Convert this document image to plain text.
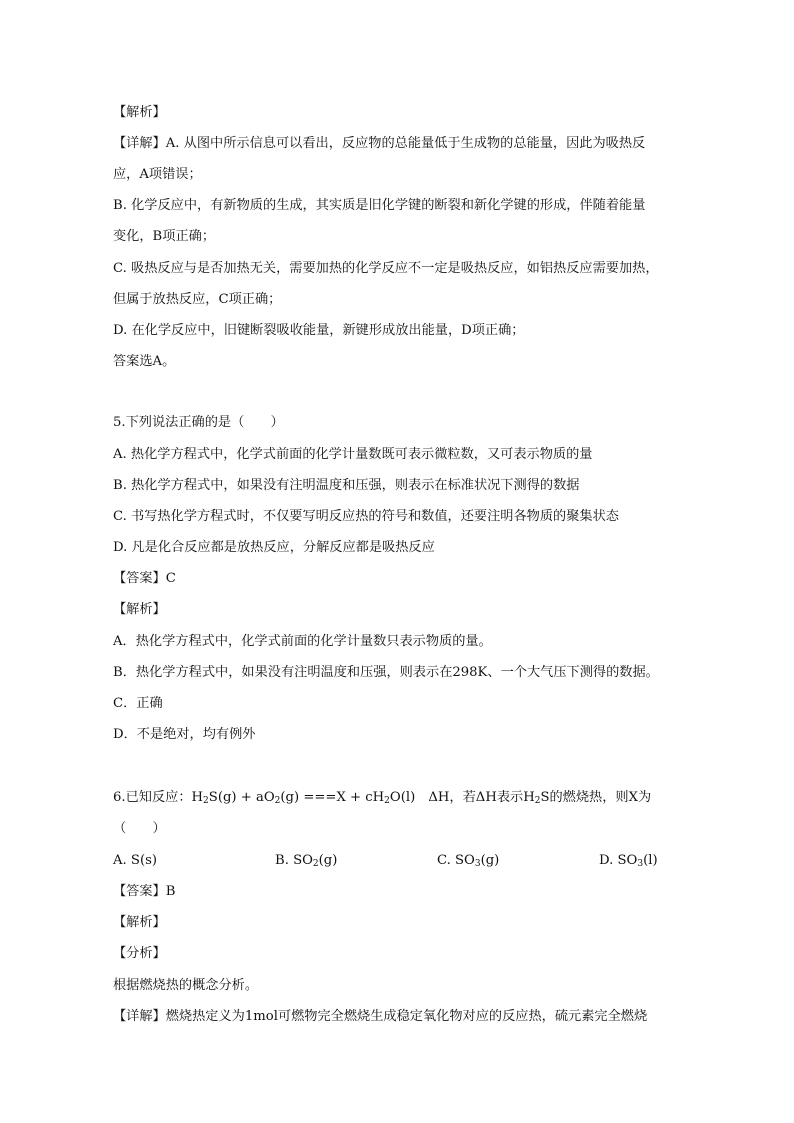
【解析】
【详解】A. 从图中所示信息可以看出，反应物的总能量低于生成物的总能量，因此为吸热反
应，A项错误；
B. 化学反应中，有新物质的生成，其实质是旧化学键的断裂和新化学键的形成，伴随着能量
变化，B项正确；
C. 吸热反应与是否加热无关，需要加热的化学反应不一定是吸热反应，如铝热反应需要加热，
但属于放热反应，C项正确；
D. 在化学反应中，旧键断裂吸收能量，新键形成放出能量，D项正确；
答案选A。
5.下列说法正确的是（　　）
A. 热化学方程式中，化学式前面的化学计量数既可表示微粒数，又可表示物质的量
B. 热化学方程式中，如果没有注明温度和压强，则表示在标准状况下测得的数据
C. 书写热化学方程式时，不仅要写明反应热的符号和数值，还要注明各物质的聚集状态
D. 凡是化合反应都是放热反应，分解反应都是吸热反应
【答案】C
【解析】
A．热化学方程式中，化学式前面的化学计量数只表示物质的量。
B．热化学方程式中，如果没有注明温度和压强，则表示在298K、一个大气压下测得的数据。
C．正确
D．不是绝对，均有例外
6.已知反应：$H_2S(g) + aO_2(g) ===X + cH_2O(l)$　ΔH，若ΔH表示$H_2S$的燃烧热，则X为
（　　）
A. S(s)	B. $SO_2(g)$	C. $SO_3(g)$	D. $SO_3(l)$
【答案】B
【解析】
【分析】
根据燃烧热的概念分析。
【详解】燃烧热定义为1mol可燃物完全燃烧生成稳定氧化物对应的反应热，硫元素完全燃烧
